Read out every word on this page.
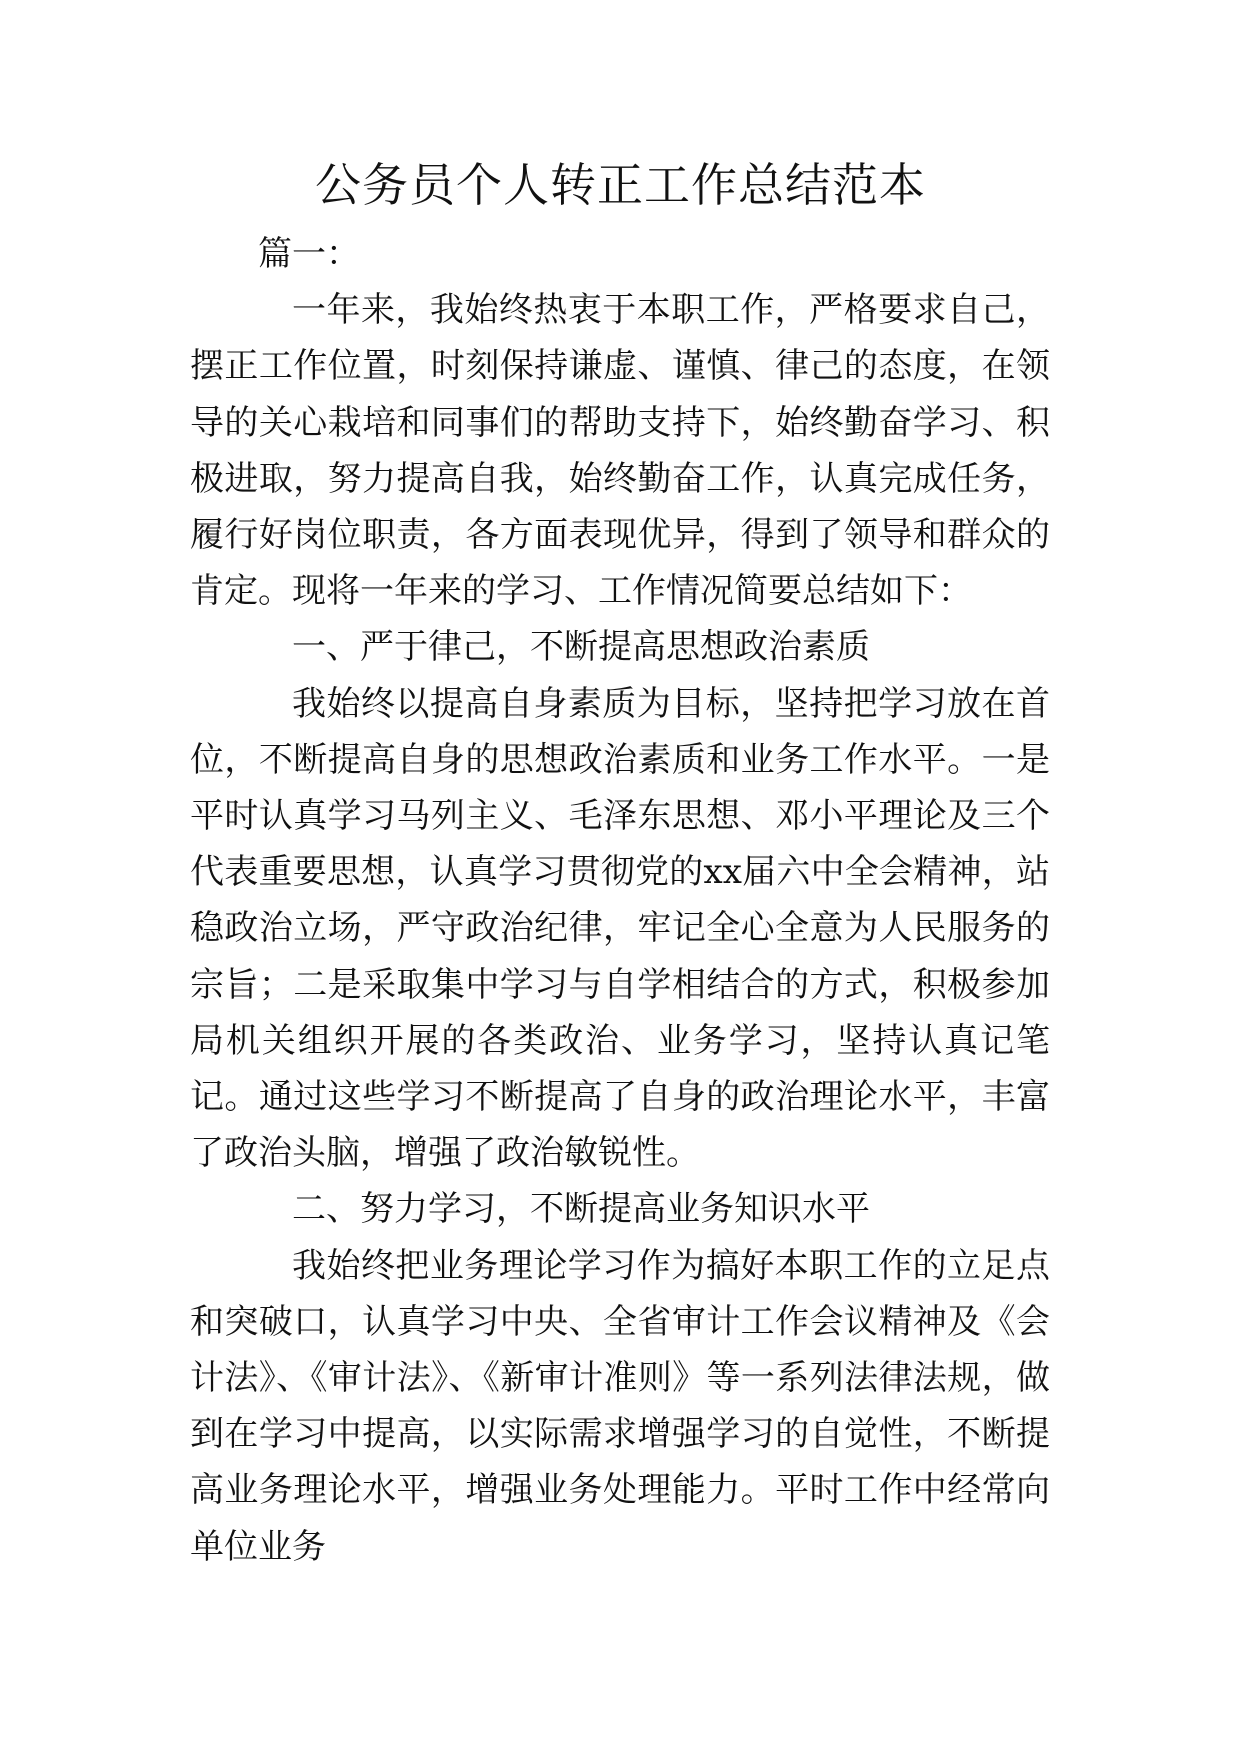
公务员个人转正工作总结范本

篇一：

一年来，我始终热衷于本职工作，严格要求自己，摆正工作位置，时刻保持谦虚、谨慎、律己的态度，在领导的关心栽培和同事们的帮助支持下，始终勤奋学习、积极进取，努力提高自我，始终勤奋工作，认真完成任务，履行好岗位职责，各方面表现优异，得到了领导和群众的肯定。现将一年来的学习、工作情况简要总结如下：

一、严于律己，不断提高思想政治素质

我始终以提高自身素质为目标，坚持把学习放在首位，不断提高自身的思想政治素质和业务工作水平。一是平时认真学习马列主义、毛泽东思想、邓小平理论及三个代表重要思想，认真学习贯彻党的xx届六中全会精神，站稳政治立场，严守政治纪律，牢记全心全意为人民服务的宗旨；二是采取集中学习与自学相结合的方式，积极参加局机关组织开展的各类政治、业务学习，坚持认真记笔记。通过这些学习不断提高了自身的政治理论水平，丰富了政治头脑，增强了政治敏锐性。

二、努力学习，不断提高业务知识水平

我始终把业务理论学习作为搞好本职工作的立足点和突破口，认真学习中央、全省审计工作会议精神及《会计法》、《审计法》、《新审计准则》等一系列法律法规，做到在学习中提高，以实际需求增强学习的自觉性，不断提高业务理论水平，增强业务处理能力。平时工作中经常向单位业务
